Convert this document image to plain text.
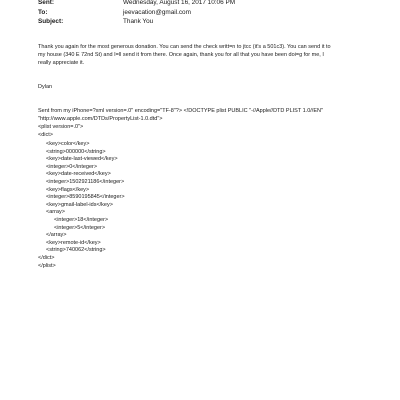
Sent:	Wednesday, August 16, 2017 10:06 PM
To:	jeevacation@gmail.com
Subject:	Thank You
Thank you again for the most generous donation. You can send the check writt=n to jtcc (it's a 501c3). You can send it to
my house (340 E 72nd St) and I=ll send it from there. Once again, thank you for all that you have been doi=g for me, I
really appreciate it.
Dylan
Sent from my iPhone=?xml version=.0" encoding="TF-8"?> <!DOCTYPE plist PUBLIC "-//Apple//DTD PLIST 1.0//EN"
"http://www.apple.com/DTDs/PropertyList-1.0.dtd">
<plist version=.0">
<dict>
<key>color</key>
<string>000000</string>
<key>date-last-viewed</key>
<integer>0</integer>
<key>date-received</key>
<integer>1502921186</integer>
<key>flags</key>
<integer>8590195845</integer>
<key>gmail-label-ids</key>
<array>
<integer>18</integer>
<integer>5</integer>
</array>
<key>remote-id</key>
<string>740062</string>
</dict>
</plist>
